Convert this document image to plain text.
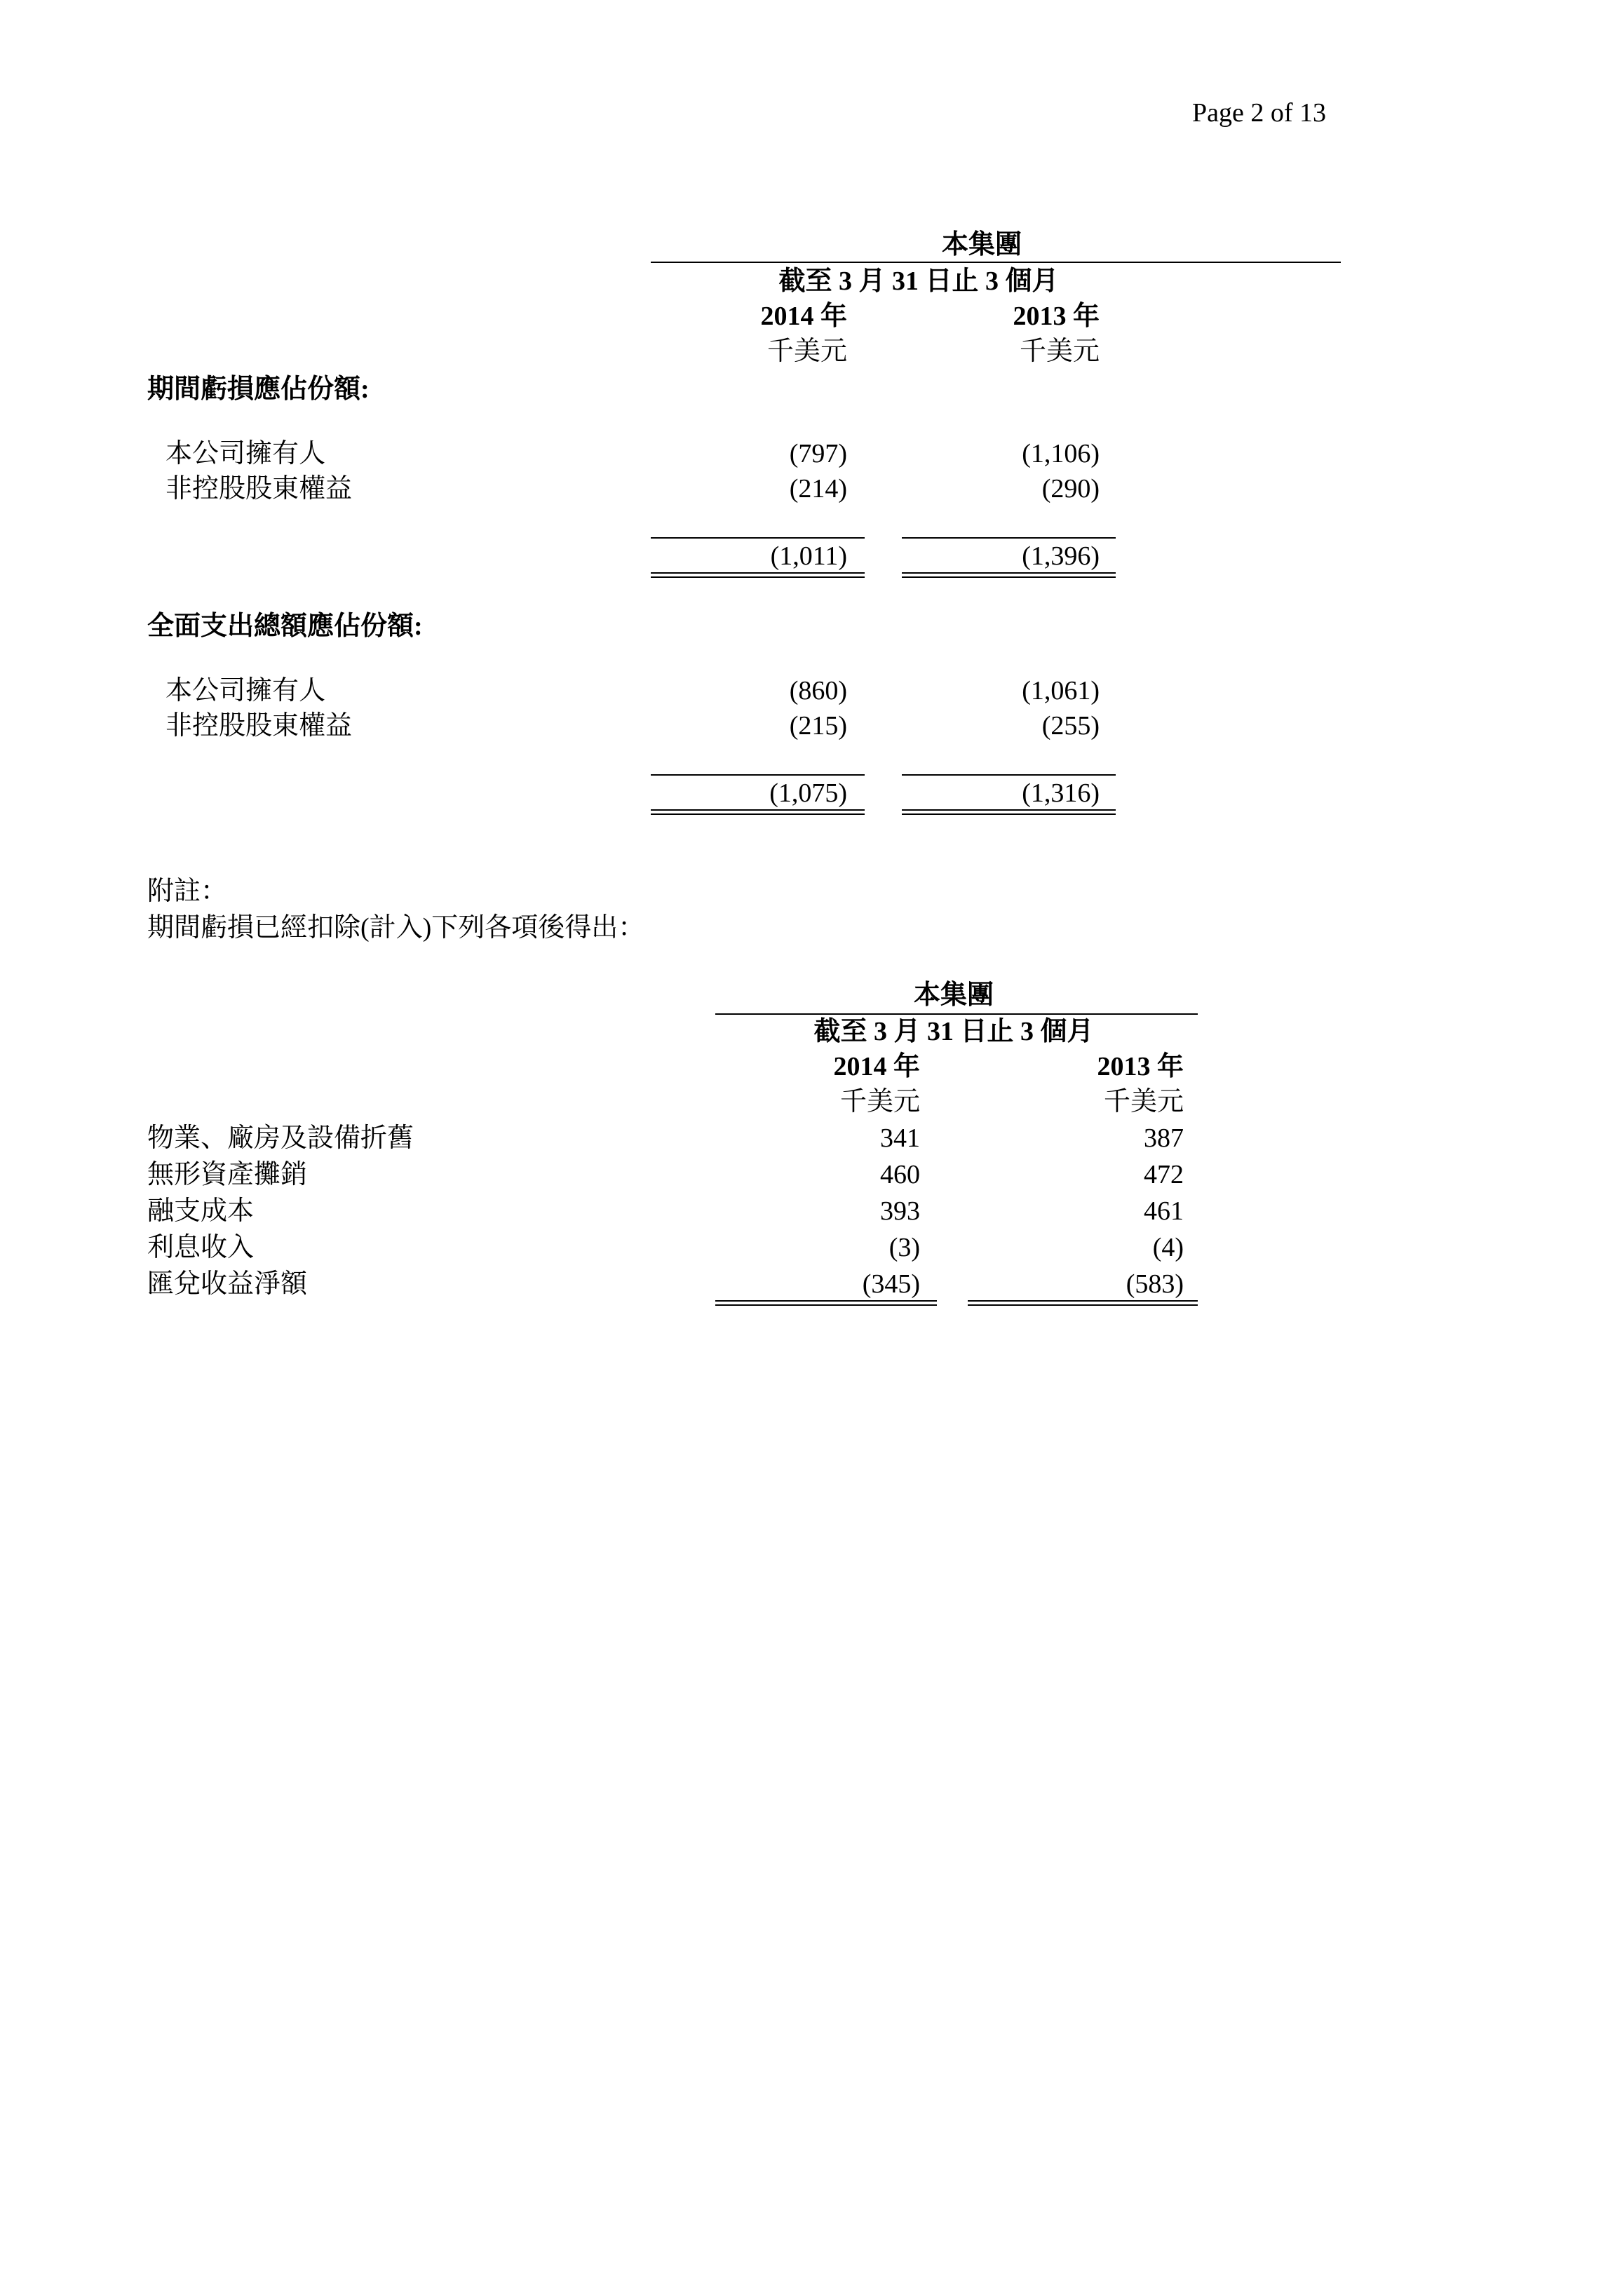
Page 2 of 13
本集團
截至 3 月 31 日止 3 個月
2014 年	2013 年
千美元	千美元
期間虧損應佔份額:
本公司擁有人	(797)	(1,106)
非控股股東權益	(214)	(290)
(1,011)	(1,396)
全面支出總額應佔份額:
本公司擁有人	(860)	(1,061)
非控股股東權益	(215)	(255)
(1,075)	(1,316)
附註：
期間虧損已經扣除(計入)下列各項後得出：
本集團
截至 3 月 31 日止 3 個月
2014 年	2013 年
千美元	千美元
物業、廠房及設備折舊	341	387
無形資產攤銷	460	472
融支成本	393	461
利息收入	(3)	(4)
匯兌收益淨額	(345)	(583)
